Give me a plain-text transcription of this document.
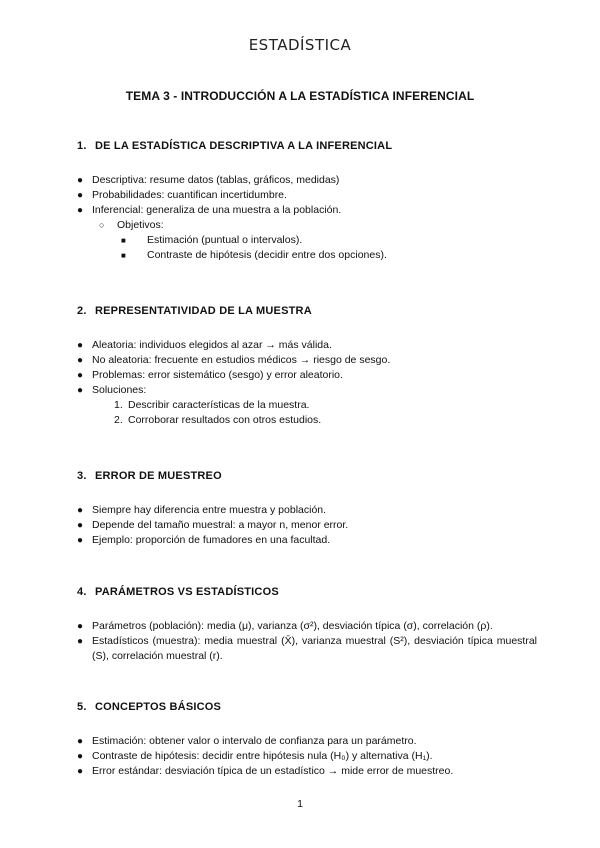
ESTADÍSTICA
TEMA 3 - INTRODUCCIÓN A LA ESTADÍSTICA INFERENCIAL
1. DE LA ESTADÍSTICA DESCRIPTIVA A LA INFERENCIAL
● Descriptiva: resume datos (tablas, gráficos, medidas)
● Probabilidades: cuantifican incertidumbre.
● Inferencial: generaliza de una muestra a la población.
○ Objetivos:
■ Estimación (puntual o intervalos).
■ Contraste de hipótesis (decidir entre dos opciones).
2. REPRESENTATIVIDAD DE LA MUESTRA
● Aleatoria: individuos elegidos al azar → más válida.
● No aleatoria: frecuente en estudios médicos → riesgo de sesgo.
● Problemas: error sistemático (sesgo) y error aleatorio.
● Soluciones:
1. Describir características de la muestra.
2. Corroborar resultados con otros estudios.
3. ERROR DE MUESTREO
● Siempre hay diferencia entre muestra y población.
● Depende del tamaño muestral: a mayor n, menor error.
● Ejemplo: proporción de fumadores en una facultad.
4. PARÁMETROS VS ESTADÍSTICOS
● Parámetros (población): media (μ), varianza (σ²), desviación típica (σ), correlación (ρ).
● Estadísticos (muestra): media muestral (X̄), varianza muestral (S²), desviación típica muestral (S), correlación muestral (r).
5. CONCEPTOS BÁSICOS
● Estimación: obtener valor o intervalo de confianza para un parámetro.
● Contraste de hipótesis: decidir entre hipótesis nula (H₀) y alternativa (H₁).
● Error estándar: desviación típica de un estadístico → mide error de muestreo.
1
